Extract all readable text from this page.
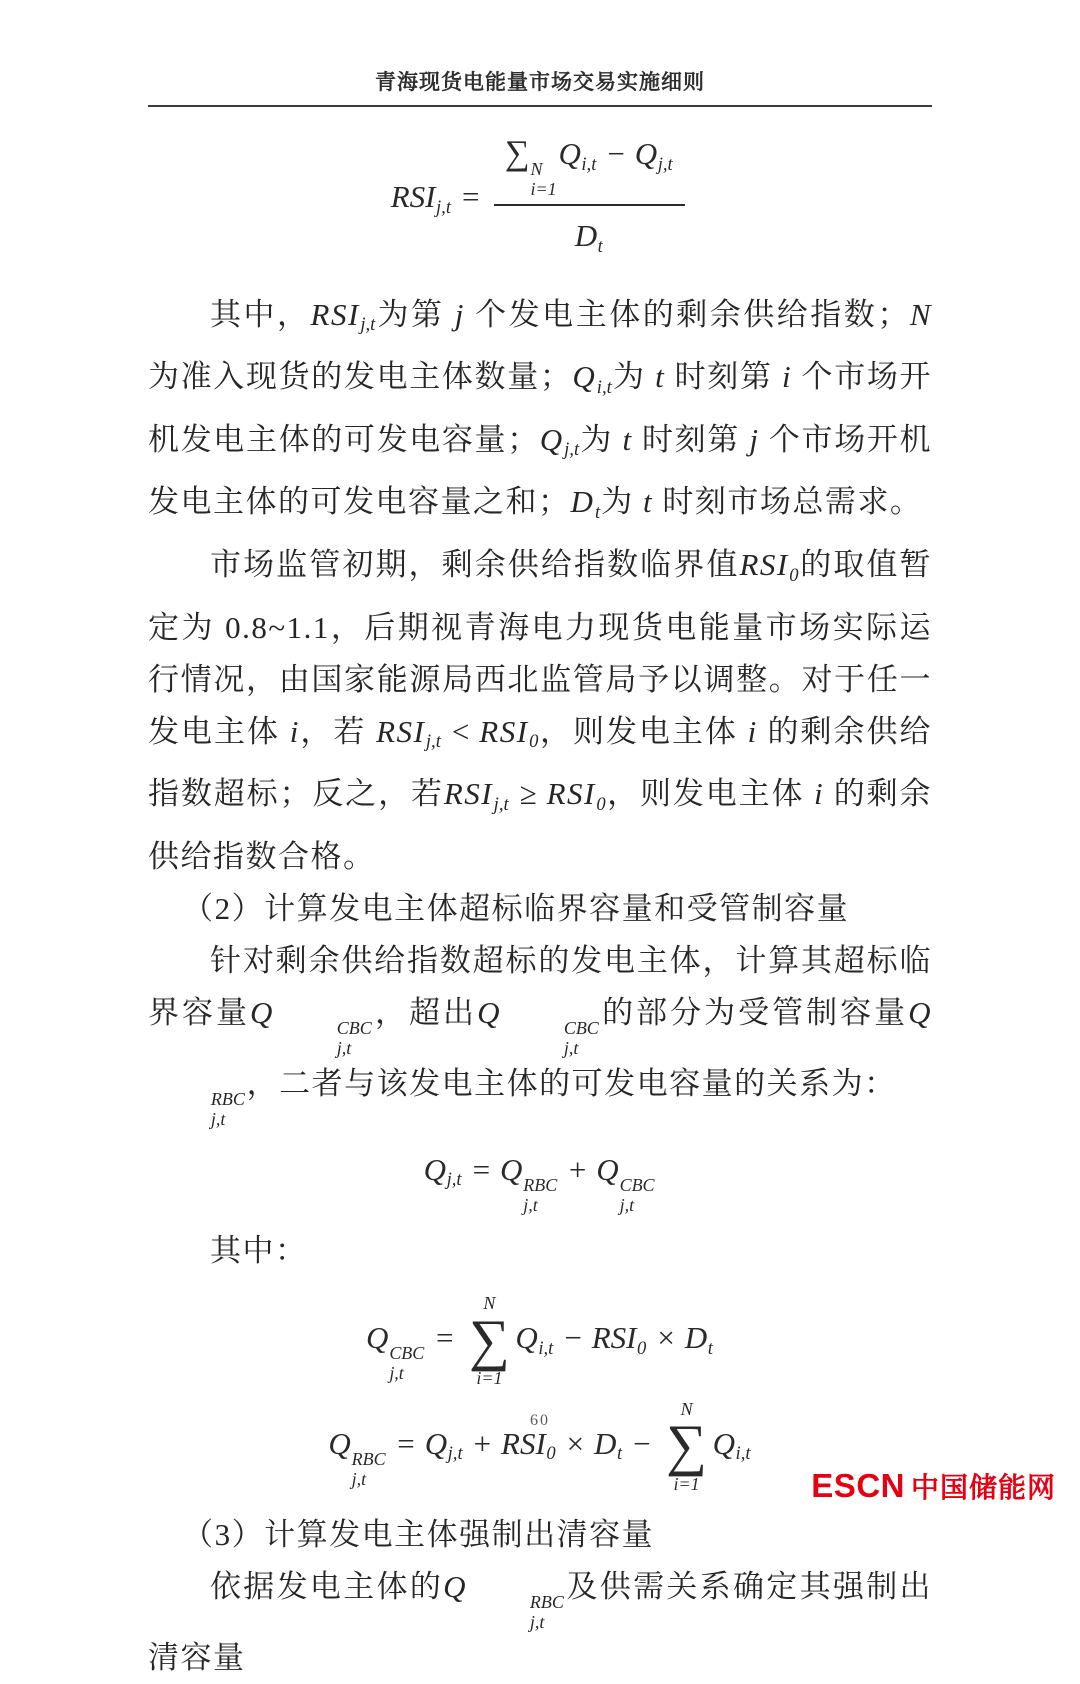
青海现货电能量市场交易实施细则
RSIj,t = ∑ N
i=1
Qi,t − Qj,t
Dt

其中，RSIj,t为第 j 个发电主体的剩余供给指数；N为准入现货的发电主体数量；Qi,t为 t 时刻第 i 个市场开机发电主体的可发电容量；Qj,t为 t 时刻第 j 个市场开机发电主体的可发电容量之和；Dt为 t 时刻市场总需求。

市场监管初期，剩余供给指数临界值RSI0的取值暂定为 0.8~1.1，后期视青海电力现货电能量市场实际运行情况，由国家能源局西北监管局予以调整。对于任一发电主体 i，若 RSIj,t < RSI0，则发电主体 i 的剩余供给指数超标；反之，若RSIj,t ≥ RSI0，则发电主体 i 的剩余供给指数合格。

（2）计算发电主体超标临界容量和受管制容量

针对剩余供给指数超标的发电主体，计算其超标临界容量Q	CBC
j,t
，超出Q	CBC
j,t
的部分为受管制容量Q
RBC
j,t
，二者与该发电主体的可发电容量的关系为：

Qj,t = Q RBC
j,t
+ Q CBC
j,t

其中：

Q CBC
j,t
=
N
∑
i=1
Qi,t − RSI0 × Dt
Q RBC
j,t
= Qj,t + RSI0 × Dt −
N
∑
i=1
Qi,t

（3）计算发电主体强制出清容量

依据发电主体的Q	RBC
j,t
及供需关系确定其强制出清容量

60
ESCN 中国储能网
